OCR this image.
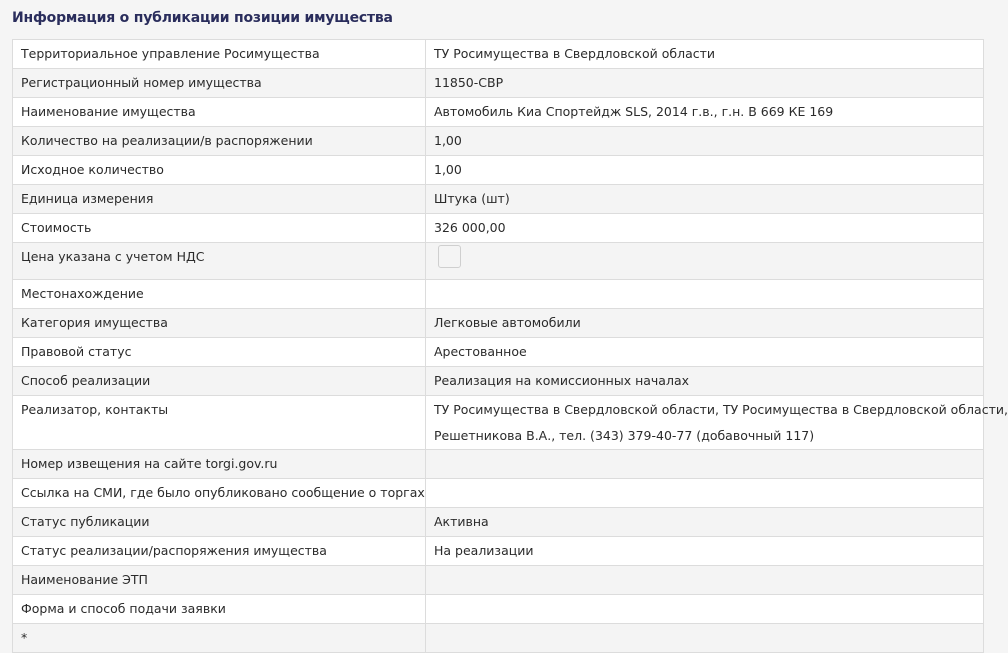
Информация о публикации позиции имущества
Территориальное управление Росимущества	ТУ Росимущества в Свердловской области
Регистрационный номер имущества	11850-СВР
Наименование имущества	Автомобиль Киа Спортейдж SLS, 2014 г.в., г.н. В 669 КЕ 169
Количество на реализации/в распоряжении	1,00
Исходное количество	1,00
Единица измерения	Штука (шт)
Стоимость	326 000,00
Цена указана с учетом НДС	

Местонахождение	
Категория имущества	Легковые автомобили
Правовой статус	Арестованное
Способ реализации	Реализация на комиссионных началах
Реализатор, контакты	ТУ Росимущества в Свердловской области, ТУ Росимущества в Свердловской области,
Решетникова В.А., тел. (343) 379-40-77 (добавочный 117)

Номер извещения на сайте torgi.gov.ru	
Ссылка на СМИ, где было опубликовано сообщение о торгах	
Статус публикации	Активна
Статус реализации/распоряжения имущества	На реализации
Наименование ЭТП	
Форма и способ подачи заявки	
*	
